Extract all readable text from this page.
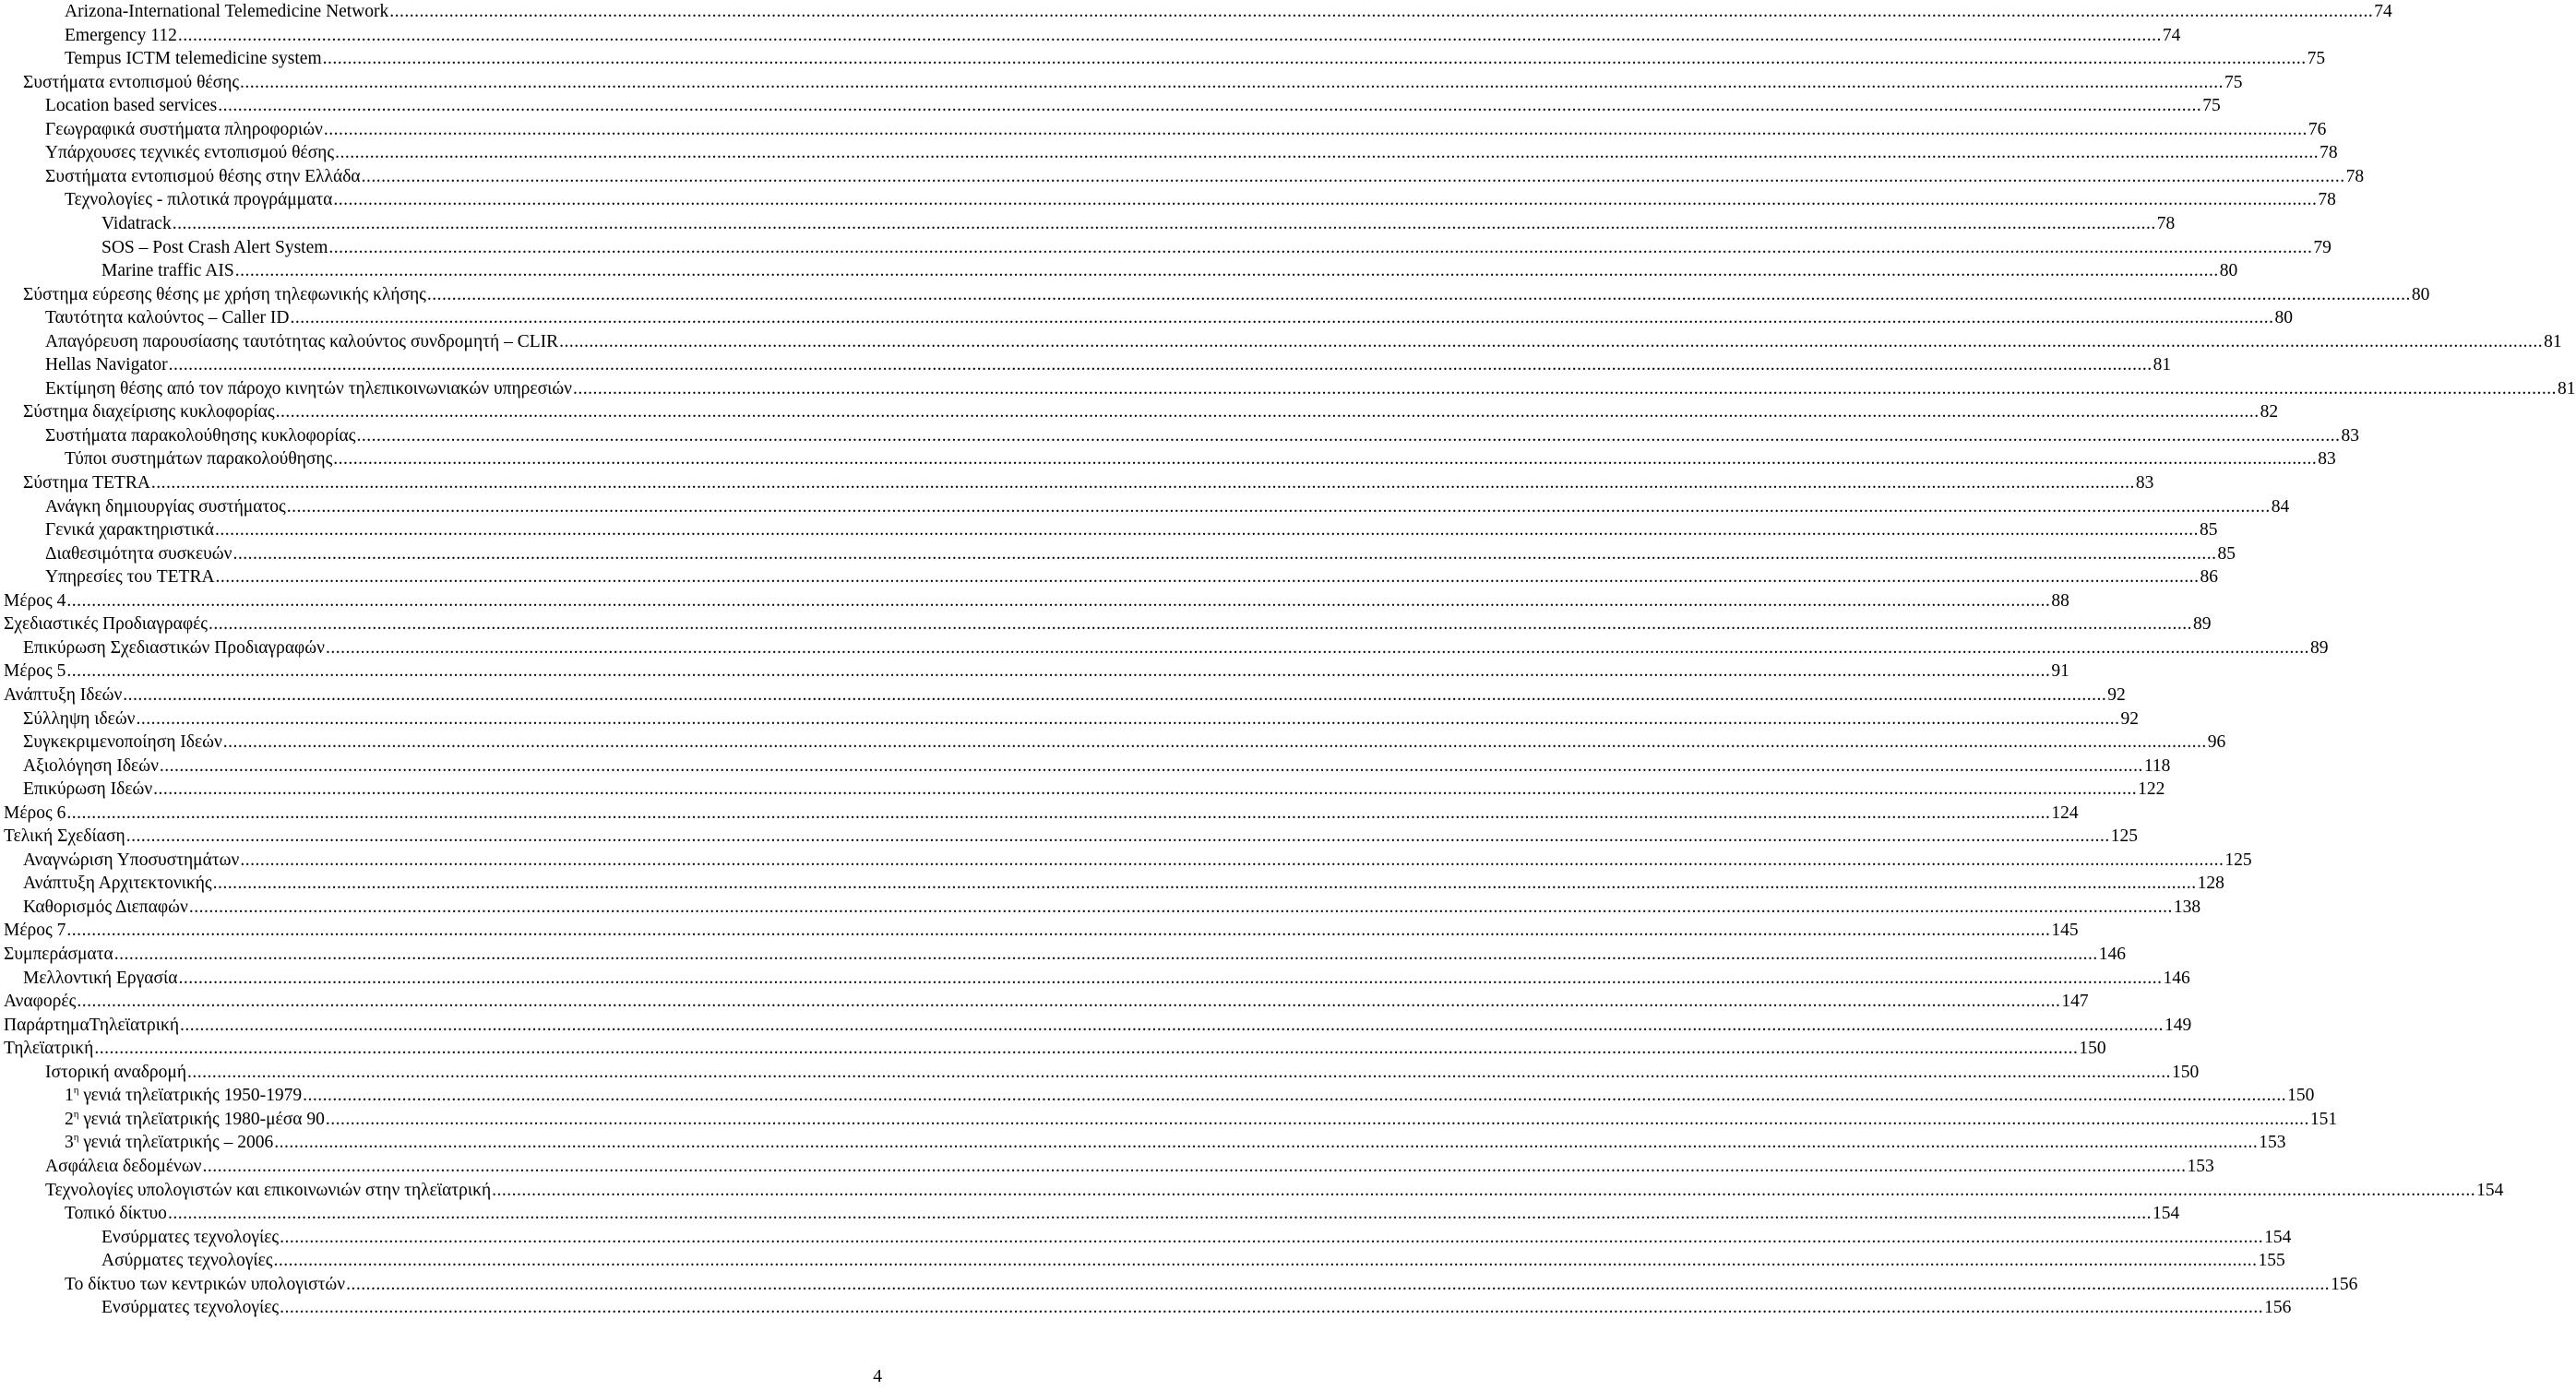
Arizona-International Telemedicine Network ................................................................................................................................................................................................................................................................................................................................................................................................................ 74
Emergency 112 ................................................................................................................................................................................................................................................................................................................................................................................................................ 74
Tempus ICTM telemedicine system ................................................................................................................................................................................................................................................................................................................................................................................................................ 75
Συστήματα εντοπισμού θέσης ................................................................................................................................................................................................................................................................................................................................................................................................................ 75
Location based services ................................................................................................................................................................................................................................................................................................................................................................................................................ 75
Γεωγραφικά συστήματα πληροφοριών ................................................................................................................................................................................................................................................................................................................................................................................................................ 76
Υπάρχουσες τεχνικές εντοπισμού θέσης ................................................................................................................................................................................................................................................................................................................................................................................................................ 78
Συστήματα εντοπισμού θέσης στην Ελλάδα ................................................................................................................................................................................................................................................................................................................................................................................................................ 78
Τεχνολογίες - πιλοτικά προγράμματα ................................................................................................................................................................................................................................................................................................................................................................................................................ 78
Vidatrack ................................................................................................................................................................................................................................................................................................................................................................................................................ 78
SOS – Post Crash Alert System ................................................................................................................................................................................................................................................................................................................................................................................................................ 79
Marine traffic AIS ................................................................................................................................................................................................................................................................................................................................................................................................................ 80
Σύστημα εύρεσης θέσης με χρήση τηλεφωνικής κλήσης ................................................................................................................................................................................................................................................................................................................................................................................................................ 80
Ταυτότητα καλούντος – Caller ID ................................................................................................................................................................................................................................................................................................................................................................................................................ 80
Απαγόρευση παρουσίασης ταυτότητας καλούντος συνδρομητή – CLIR ................................................................................................................................................................................................................................................................................................................................................................................................................ 81
Hellas Navigator ................................................................................................................................................................................................................................................................................................................................................................................................................ 81
Εκτίμηση θέσης από τον πάροχο κινητών τηλεπικοινωνιακών υπηρεσιών ................................................................................................................................................................................................................................................................................................................................................................................................................ 81
Σύστημα διαχείρισης κυκλοφορίας ................................................................................................................................................................................................................................................................................................................................................................................................................ 82
Συστήματα παρακολούθησης κυκλοφορίας ................................................................................................................................................................................................................................................................................................................................................................................................................ 83
Τύποι συστημάτων παρακολούθησης ................................................................................................................................................................................................................................................................................................................................................................................................................ 83
Σύστημα TETRA ................................................................................................................................................................................................................................................................................................................................................................................................................ 83
Ανάγκη δημιουργίας συστήματος ................................................................................................................................................................................................................................................................................................................................................................................................................ 84
Γενικά χαρακτηριστικά ................................................................................................................................................................................................................................................................................................................................................................................................................ 85
Διαθεσιμότητα συσκευών ................................................................................................................................................................................................................................................................................................................................................................................................................ 85
Υπηρεσίες του TETRA ................................................................................................................................................................................................................................................................................................................................................................................................................ 86
Μέρος 4 ................................................................................................................................................................................................................................................................................................................................................................................................................ 88
Σχεδιαστικές Προδιαγραφές ................................................................................................................................................................................................................................................................................................................................................................................................................ 89
Επικύρωση Σχεδιαστικών Προδιαγραφών ................................................................................................................................................................................................................................................................................................................................................................................................................ 89
Μέρος 5 ................................................................................................................................................................................................................................................................................................................................................................................................................ 91
Ανάπτυξη Ιδεών ................................................................................................................................................................................................................................................................................................................................................................................................................ 92
Σύλληψη ιδεών ................................................................................................................................................................................................................................................................................................................................................................................................................ 92
Συγκεκριμενοποίηση Ιδεών ................................................................................................................................................................................................................................................................................................................................................................................................................ 96
Αξιολόγηση Ιδεών ................................................................................................................................................................................................................................................................................................................................................................................................................ 118
Επικύρωση Ιδεών ................................................................................................................................................................................................................................................................................................................................................................................................................ 122
Μέρος 6 ................................................................................................................................................................................................................................................................................................................................................................................................................ 124
Τελική Σχεδίαση ................................................................................................................................................................................................................................................................................................................................................................................................................ 125
Αναγνώριση Υποσυστημάτων ................................................................................................................................................................................................................................................................................................................................................................................................................ 125
Ανάπτυξη Αρχιτεκτονικής ................................................................................................................................................................................................................................................................................................................................................................................................................ 128
Καθορισμός Διεπαφών ................................................................................................................................................................................................................................................................................................................................................................................................................ 138
Μέρος 7 ................................................................................................................................................................................................................................................................................................................................................................................................................ 145
Συμπεράσματα ................................................................................................................................................................................................................................................................................................................................................................................................................ 146
Μελλοντική Εργασία ................................................................................................................................................................................................................................................................................................................................................................................................................ 146
Αναφορές ................................................................................................................................................................................................................................................................................................................................................................................................................ 147
ΠαράρτημαΤηλεϊατρική ................................................................................................................................................................................................................................................................................................................................................................................................................ 149
Τηλεϊατρική ................................................................................................................................................................................................................................................................................................................................................................................................................ 150
Ιστορική αναδρομή ................................................................................................................................................................................................................................................................................................................................................................................................................ 150
$1^\eta$ γενιά τηλεϊατρικής 1950-1979 ................................................................................................................................................................................................................................................................................................................................................................................................................ 150
$2^\eta$ γενιά τηλεϊατρικής 1980-μέσα 90 ................................................................................................................................................................................................................................................................................................................................................................................................................ 151
$3^\eta$ γενιά τηλεϊατρικής – 2006 ................................................................................................................................................................................................................................................................................................................................................................................................................ 153
Ασφάλεια δεδομένων ................................................................................................................................................................................................................................................................................................................................................................................................................ 153
Τεχνολογίες υπολογιστών και επικοινωνιών στην τηλεϊατρική ................................................................................................................................................................................................................................................................................................................................................................................................................ 154
Τοπικό δίκτυο ................................................................................................................................................................................................................................................................................................................................................................................................................ 154
Ενσύρματες τεχνολογίες ................................................................................................................................................................................................................................................................................................................................................................................................................ 154
Ασύρματες τεχνολογίες ................................................................................................................................................................................................................................................................................................................................................................................................................ 155
Το δίκτυο των κεντρικών υπολογιστών ................................................................................................................................................................................................................................................................................................................................................................................................................ 156
Ενσύρματες τεχνολογίες ................................................................................................................................................................................................................................................................................................................................................................................................................ 156
4
